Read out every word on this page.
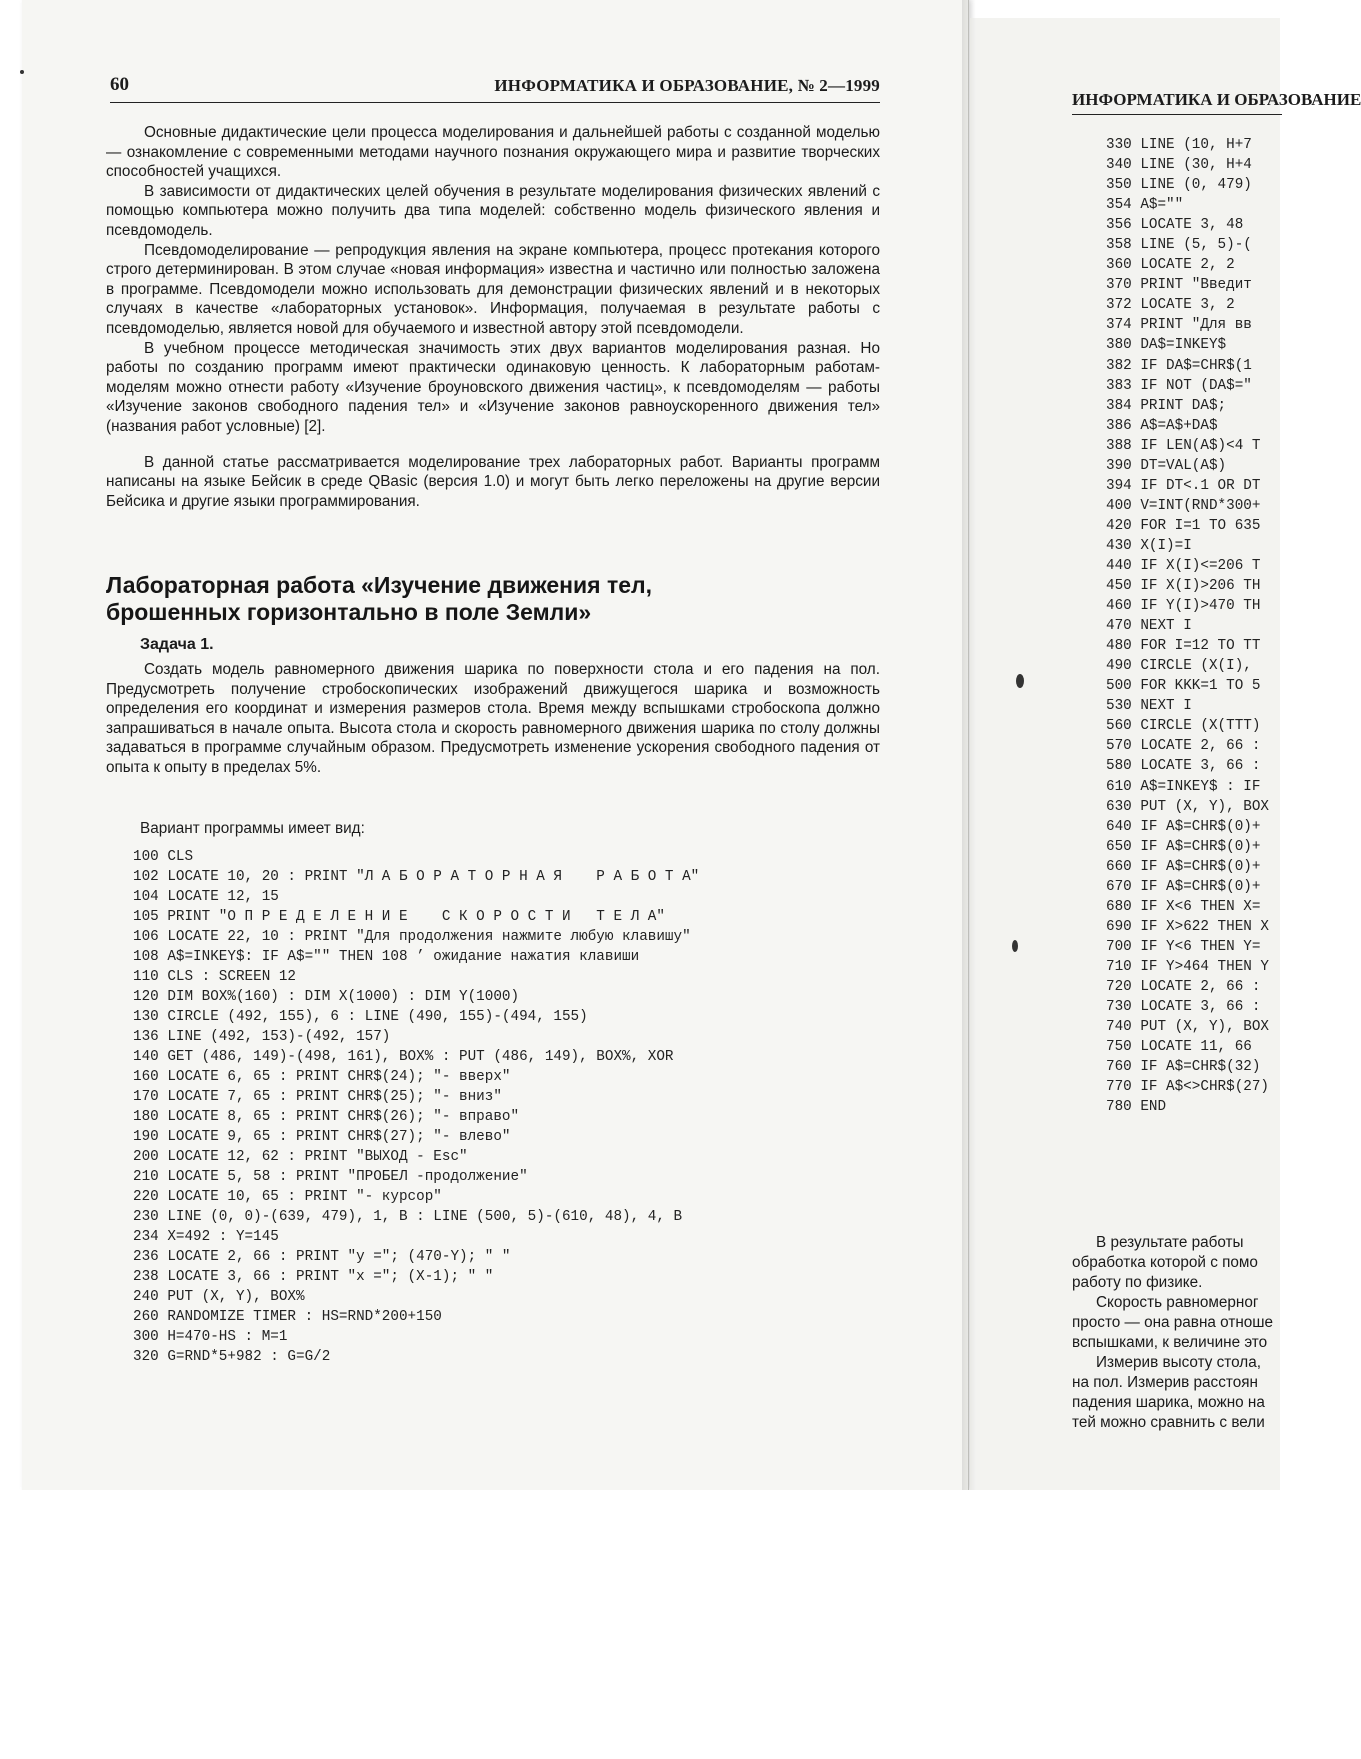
60	ИНФОРМАТИКА И ОБРАЗОВАНИЕ, № 2—1999

Основные дидактические цели процесса моделирования и дальнейшей работы с созданной моделью — ознакомление с современными методами научного познания окружающего мира и развитие творческих способностей учащихся.

В зависимости от дидактических целей обучения в результате моделирования физических явлений с помощью компьютера можно получить два типа моделей: собственно модель физического явления и псевдомодель.

Псевдомоделирование — репродукция явления на экране компьютера, процесс протекания которого строго детерминирован. В этом случае «новая информация» известна и частично или полностью заложена в программе. Псевдомодели можно использовать для демонстрации физических явлений и в некоторых случаях в качестве «лабораторных установок». Информация, получаемая в результате работы с псевдомоделью, является новой для обучаемого и известной автору этой псевдомодели.

В учебном процессе методическая значимость этих двух вариантов моделирования разная. Но работы по созданию программ имеют практически одинаковую ценность. К лабораторным работам-моделям можно отнести работу «Изучение броуновского движения частиц», к псевдомоделям — работы «Изучение законов свободного падения тел» и «Изучение законов равноускоренного движения тел» (названия работ условные) [2].

В данной статье рассматривается моделирование трех лабораторных работ. Варианты программ написаны на языке Бейсик в среде QBasic (версия 1.0) и могут быть легко переложены на другие версии Бейсика и другие языки программирования.

Лабораторная работа «Изучение движения тел,
брошенных горизонтально в поле Земли»
Задача 1.

Создать модель равномерного движения шарика по поверхности стола и его падения на пол. Предусмотреть получение стробоскопических изображений движущегося шарика и возможность определения его координат и измерения размеров стола. Время между вспышками стробоскопа должно запрашиваться в начале опыта. Высота стола и скорость равномерного движения шарика по столу должны задаваться в программе случайным образом. Предусмотреть изменение ускорения свободного падения от опыта к опыту в пределах 5%.

Вариант программы имеет вид:
100 CLS
102 LOCATE 10, 20 : PRINT "Л А Б О Р А Т О Р Н А Я    Р А Б О Т А"
104 LOCATE 12, 15
105 PRINT "О П Р Е Д Е Л Е Н И Е    С К О Р О С Т И   Т Е Л А"
106 LOCATE 22, 10 : PRINT "Для продолжения нажмите любую клавишу"
108 A$=INKEY$: IF A$="" THEN 108 ’ ожидание нажатия клавиши
110 CLS : SCREEN 12
120 DIM BOX%(160) : DIM X(1000) : DIM Y(1000)
130 CIRCLE (492, 155), 6 : LINE (490, 155)-(494, 155)
136 LINE (492, 153)-(492, 157)
140 GET (486, 149)-(498, 161), BOX% : PUT (486, 149), BOX%, XOR
160 LOCATE 6, 65 : PRINT CHR$(24); "- вверх"
170 LOCATE 7, 65 : PRINT CHR$(25); "- вниз"
180 LOCATE 8, 65 : PRINT CHR$(26); "- вправо"
190 LOCATE 9, 65 : PRINT CHR$(27); "- влево"
200 LOCATE 12, 62 : PRINT "ВЫХОД - Esc"
210 LOCATE 5, 58 : PRINT "ПРОБЕЛ -продолжение"
220 LOCATE 10, 65 : PRINT "- курсор"
230 LINE (0, 0)-(639, 479), 1, B : LINE (500, 5)-(610, 48), 4, B
234 X=492 : Y=145
236 LOCATE 2, 66 : PRINT "y ="; (470-Y); " "
238 LOCATE 3, 66 : PRINT "x ="; (X-1); " "
240 PUT (X, Y), BOX%
260 RANDOMIZE TIMER : HS=RND*200+150
300 H=470-HS : M=1
320 G=RND*5+982 : G=G/2
ИНФОРМАТИКА И ОБРАЗОВАНИЕ
330 LINE (10, H+7
340 LINE (30, H+4
350 LINE (0, 479)
354 A$=""
356 LOCATE 3, 48
358 LINE (5, 5)-(
360 LOCATE 2, 2
370 PRINT "Введит
372 LOCATE 3, 2
374 PRINT "Для вв
380 DA$=INKEY$
382 IF DA$=CHR$(1
383 IF NOT (DA$="
384 PRINT DA$;
386 A$=A$+DA$
388 IF LEN(A$)<4 T
390 DT=VAL(A$)
394 IF DT<.1 OR DT
400 V=INT(RND*300+
420 FOR I=1 TO 635
430 X(I)=I
440 IF X(I)<=206 T
450 IF X(I)>206 TH
460 IF Y(I)>470 TH
470 NEXT I
480 FOR I=12 TO TT
490 CIRCLE (X(I),
500 FOR KKK=1 TO 5
530 NEXT I
560 CIRCLE (X(TTT)
570 LOCATE 2, 66 :
580 LOCATE 3, 66 :
610 A$=INKEY$ : IF
630 PUT (X, Y), BOX
640 IF A$=CHR$(0)+
650 IF A$=CHR$(0)+
660 IF A$=CHR$(0)+
670 IF A$=CHR$(0)+
680 IF X<6 THEN X=
690 IF X>622 THEN X
700 IF Y<6 THEN Y=
710 IF Y>464 THEN Y
720 LOCATE 2, 66 :
730 LOCATE 3, 66 :
740 PUT (X, Y), BOX
750 LOCATE 11, 66
760 IF A$=CHR$(32)
770 IF A$<>CHR$(27)
780 END
В результате работы
обработка которой с помо
работу по физике.
Скорость равномерног
просто — она равна отноше
вспышками, к величине это
Измерив высоту стола,
на пол. Измерив расстоян
падения шарика, можно на
тей можно сравнить с вели
